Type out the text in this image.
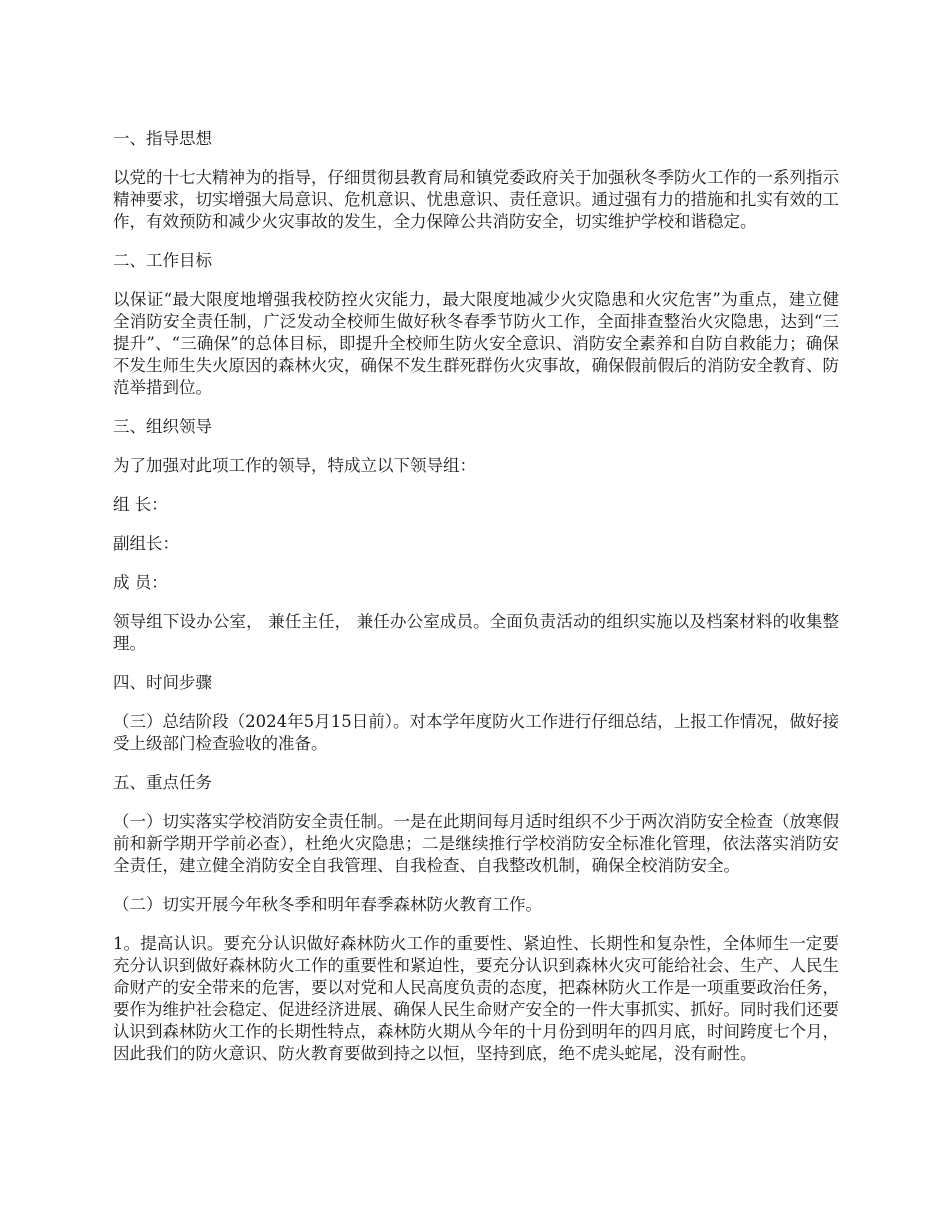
一、指导思想

以党的十七大精神为的指导，仔细贯彻县教育局和镇党委政府关于加强秋冬季防火工作的一系列指示精神要求，切实增强大局意识、危机意识、忧患意识、责任意识。通过强有力的措施和扎实有效的工作，有效预防和减少火灾事故的发生，全力保障公共消防安全，切实维护学校和谐稳定。

二、工作目标

以保证“最大限度地增强我校防控火灾能力，最大限度地减少火灾隐患和火灾危害”为重点，建立健全消防安全责任制，广泛发动全校师生做好秋冬春季节防火工作，全面排查整治火灾隐患，达到“三提升”、“三确保”的总体目标，即提升全校师生防火安全意识、消防安全素养和自防自救能力；确保不发生师生失火原因的森林火灾，确保不发生群死群伤火灾事故，确保假前假后的消防安全教育、防范举措到位。

三、组织领导

为了加强对此项工作的领导，特成立以下领导组：

组 长：

副组长：

成 员：

领导组下设办公室， 兼任主任， 兼任办公室成员。全面负责活动的组织实施以及档案材料的收集整理。

四、时间步骤

（三）总结阶段（2024年5月15日前）。对本学年度防火工作进行仔细总结，上报工作情况，做好接受上级部门检查验收的准备。

五、重点任务

（一）切实落实学校消防安全责任制。一是在此期间每月适时组织不少于两次消防安全检查（放寒假前和新学期开学前必查），杜绝火灾隐患；二是继续推行学校消防安全标准化管理，依法落实消防安全责任，建立健全消防安全自我管理、自我检查、自我整改机制，确保全校消防安全。

（二）切实开展今年秋冬季和明年春季森林防火教育工作。

1。提高认识。要充分认识做好森林防火工作的重要性、紧迫性、长期性和复杂性，全体师生一定要充分认识到做好森林防火工作的重要性和紧迫性，要充分认识到森林火灾可能给社会、生产、人民生命财产的安全带来的危害，要以对党和人民高度负责的态度，把森林防火工作是一项重要政治任务，要作为维护社会稳定、促进经济进展、确保人民生命财产安全的一件大事抓实、抓好。同时我们还要认识到森林防火工作的长期性特点，森林防火期从今年的十月份到明年的四月底，时间跨度七个月，因此我们的防火意识、防火教育要做到持之以恒，坚持到底，绝不虎头蛇尾，没有耐性。
